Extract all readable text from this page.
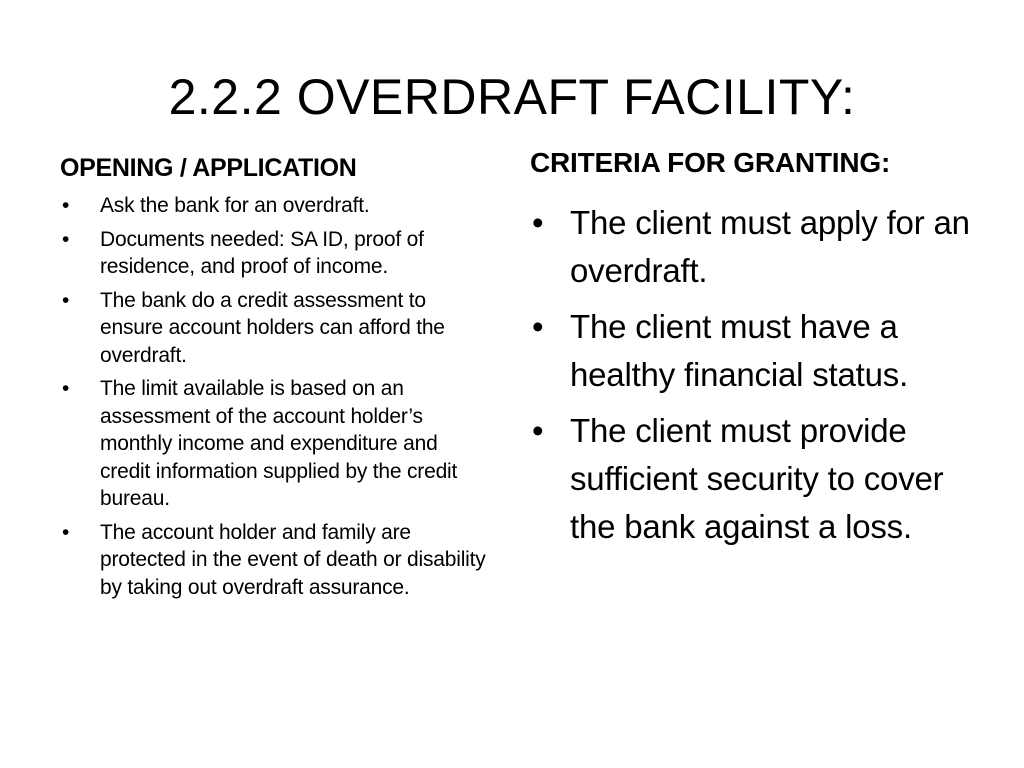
2.2.2 OVERDRAFT FACILITY:
OPENING / APPLICATION
• Ask the bank for an overdraft.
• Documents needed: SA ID, proof of residence, and proof of income.
• The bank do a credit assessment to ensure account holders can afford the overdraft.
• The limit available is based on an assessment of the account holder’s monthly income and expenditure and credit information supplied by the credit bureau.
• The account holder and family are protected in the event of death or disability by taking out overdraft assurance.
CRITERIA FOR GRANTING:
• The client must apply for an overdraft.
• The client must have a healthy financial status.
• The client must provide sufficient security to cover the bank against a loss.
